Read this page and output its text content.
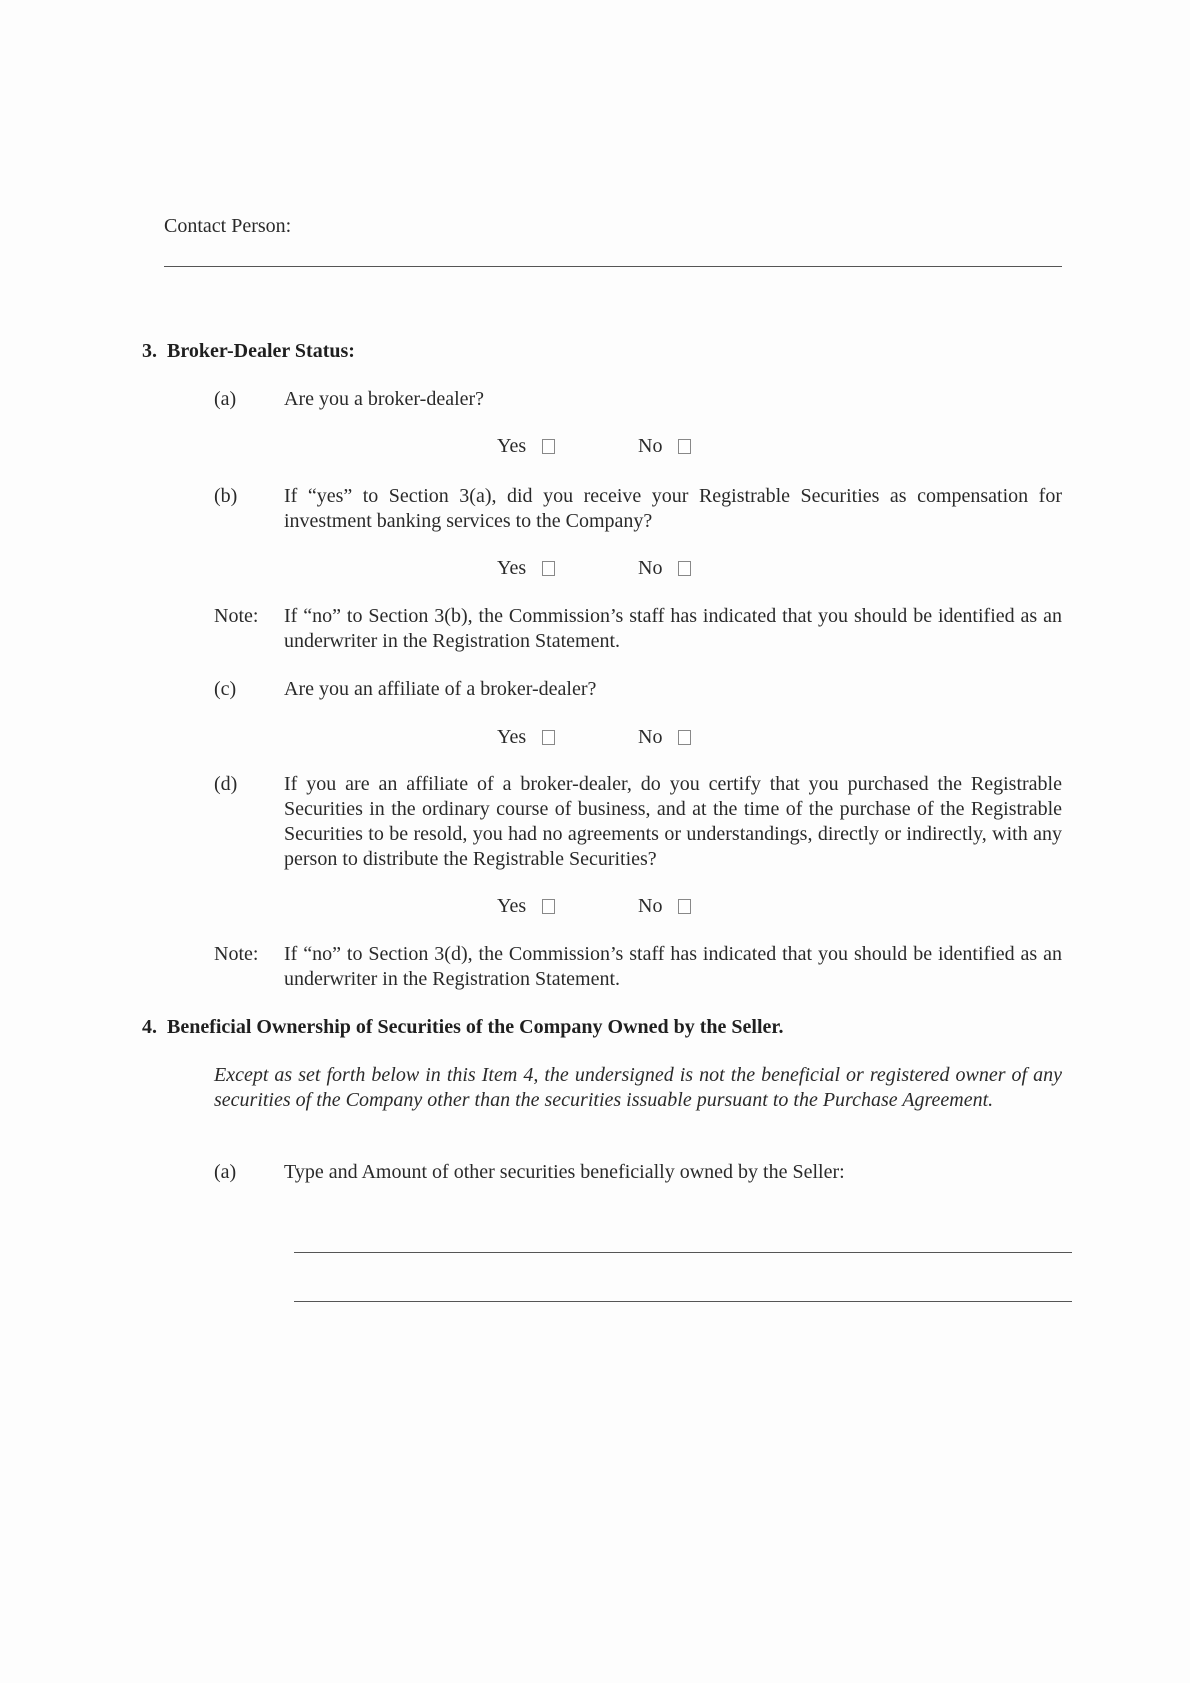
Contact Person:
3.  Broker-Dealer Status:
(a) Are you a broker-dealer?
Yes	No
(b) If “yes” to Section 3(a), did you receive your Registrable Securities as compensation for investment banking services to the Company?
Yes	No
Note: If “no” to Section 3(b), the Commission’s staff has indicated that you should be identified as an underwriter in the Registration Statement.
(c) Are you an affiliate of a broker-dealer?
Yes	No
(d) If you are an affiliate of a broker-dealer, do you certify that you purchased the Registrable Securities in the ordinary course of business, and at the time of the purchase of the Registrable Securities to be resold, you had no agreements or understandings, directly or indirectly, with any person to distribute the Registrable Securities?
Yes	No
Note: If “no” to Section 3(d), the Commission’s staff has indicated that you should be identified as an underwriter in the Registration Statement.
4.  Beneficial Ownership of Securities of the Company Owned by the Seller.
Except as set forth below in this Item 4, the undersigned is not the beneficial or registered owner of any securities of the Company other than the securities issuable pursuant to the Purchase Agreement.
(a) Type and Amount of other securities beneficially owned by the Seller:
